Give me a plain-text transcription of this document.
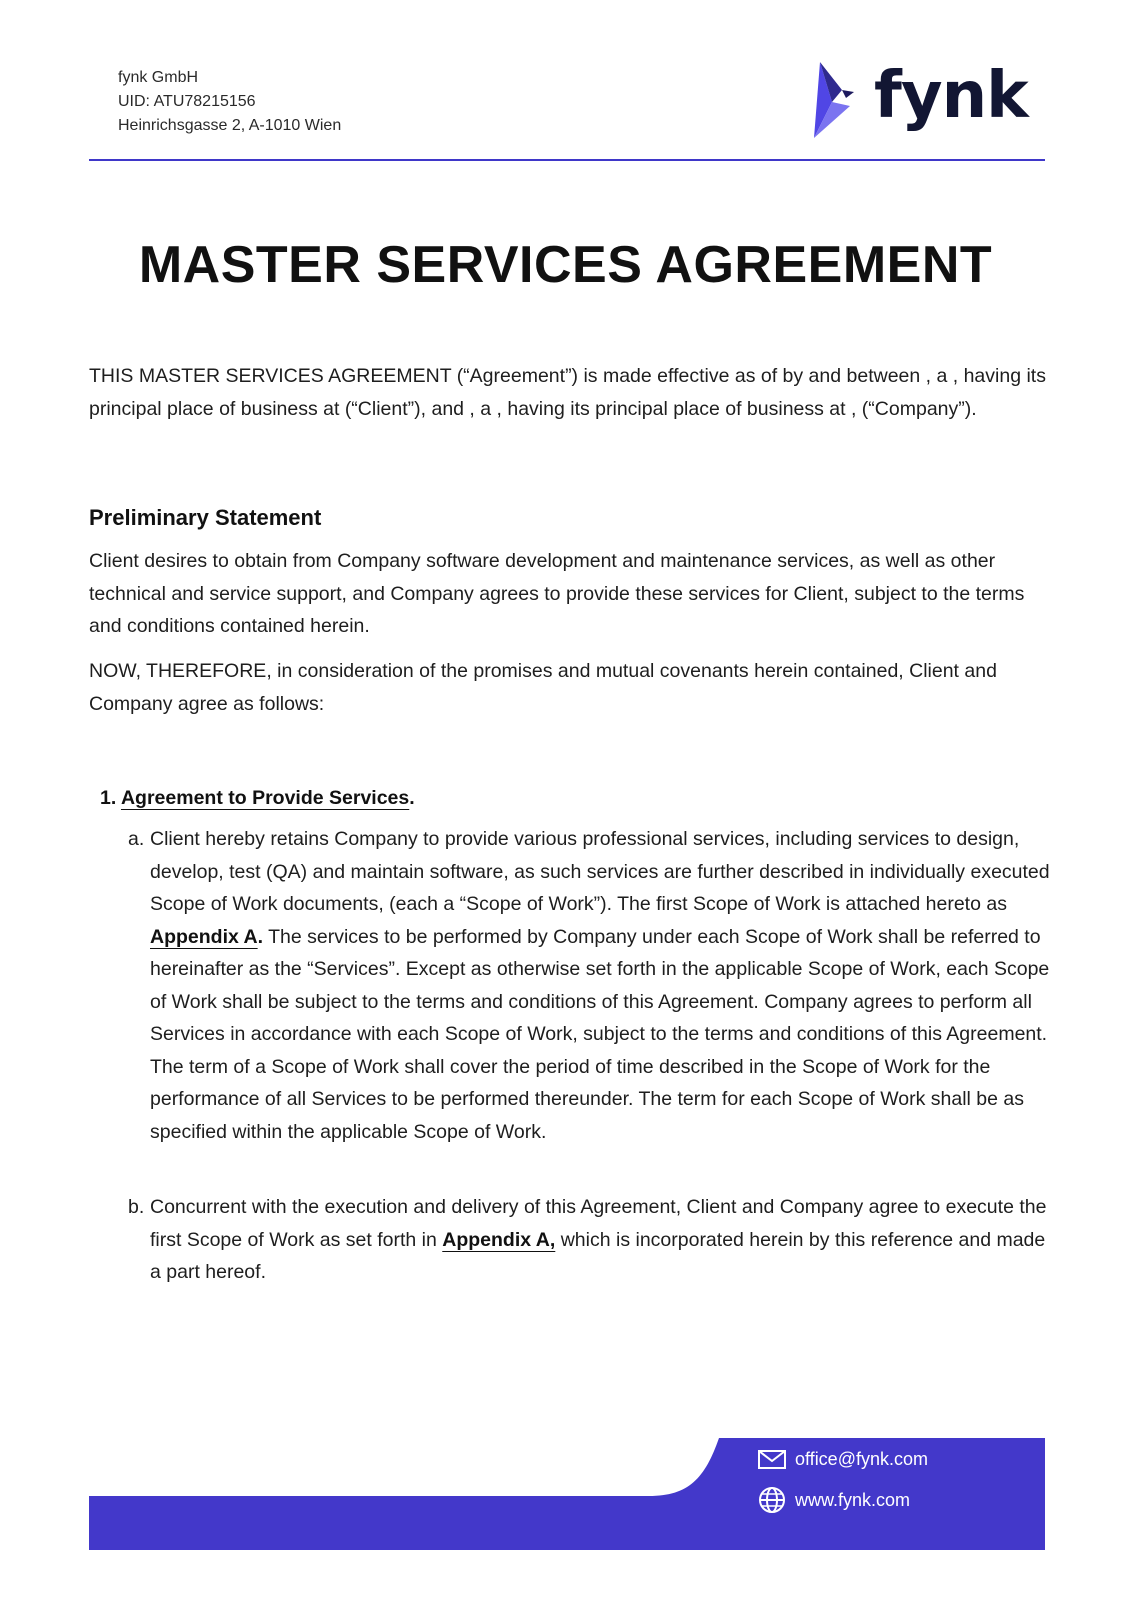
fynk GmbH
UID: ATU78215156
Heinrichsgasse 2, A-1010 Wien	fynk
MASTER SERVICES AGREEMENT

THIS MASTER SERVICES AGREEMENT (“Agreement”) is made effective as of by and between , a , having its principal place of business at (“Client”), and , a , having its principal place of business at , (“Company”).

Preliminary Statement

Client desires to obtain from Company software development and maintenance services, as well as other technical and service support, and Company agrees to provide these services for Client, subject to the terms and conditions contained herein.

NOW, THEREFORE, in consideration of the promises and mutual covenants herein contained, Client and Company agree as follows:

1. Agreement to Provide Services.

a. Client hereby retains Company to provide various professional services, including services to design, develop, test (QA) and maintain software, as such services are further described in individually executed Scope of Work documents, (each a “Scope of Work”). The first Scope of Work is attached hereto as Appendix A. The services to be performed by Company under each Scope of Work shall be referred to hereinafter as the “Services”. Except as otherwise set forth in the applicable Scope of Work, each Scope of Work shall be subject to the terms and conditions of this Agreement. Company agrees to perform all Services in accordance with each Scope of Work, subject to the terms and conditions of this Agreement. The term of a Scope of Work shall cover the period of time described in the Scope of Work for the performance of all Services to be performed thereunder. The term for each Scope of Work shall be as specified within the applicable Scope of Work.

b. Concurrent with the execution and delivery of this Agreement, Client and Company agree to execute the first Scope of Work as set forth in Appendix A, which is incorporated herein by this reference and made a part hereof.

office@fynk.com
www.fynk.com
